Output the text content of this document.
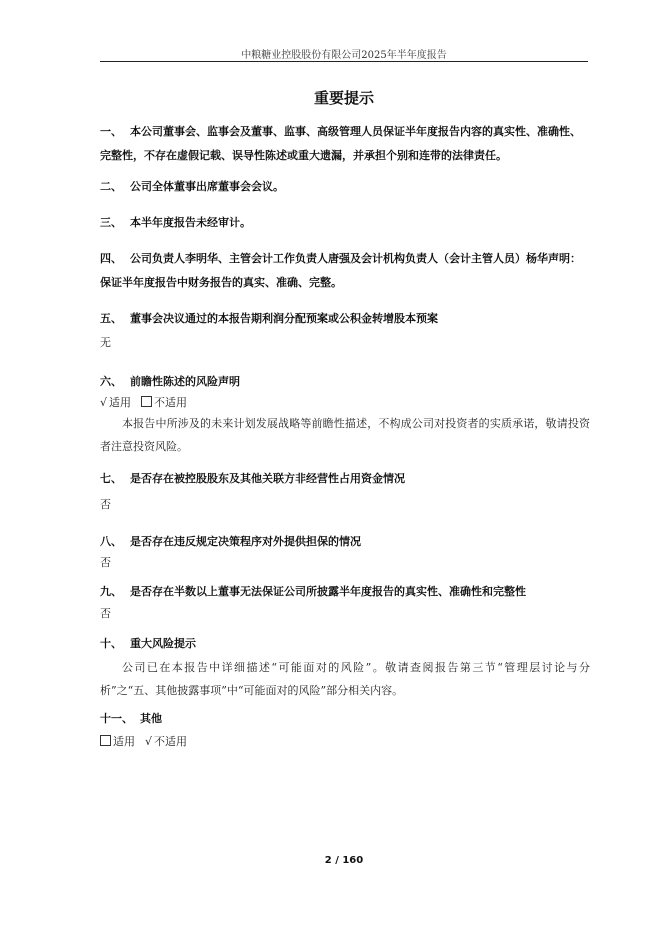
中粮糖业控股股份有限公司2025年半年度报告
重要提示
一、 本公司董事会、监事会及董事、监事、高级管理人员保证半年度报告内容的真实性、准确性、完整性，不存在虚假记载、误导性陈述或重大遗漏，并承担个别和连带的法律责任。
二、 公司全体董事出席董事会会议。
三、 本半年度报告未经审计。
四、 公司负责人李明华、主管会计工作负责人唐强及会计机构负责人（会计主管人员）杨华声明：保证半年度报告中财务报告的真实、准确、完整。
五、 董事会决议通过的本报告期利润分配预案或公积金转增股本预案
无
六、 前瞻性陈述的风险声明
√ 适用 不适用
本报告中所涉及的未来计划发展战略等前瞻性描述，不构成公司对投资者的实质承诺，敬请投资者注意投资风险。
七、 是否存在被控股股东及其他关联方非经营性占用资金情况
否
八、 是否存在违反规定决策程序对外提供担保的情况
否
九、 是否存在半数以上董事无法保证公司所披露半年度报告的真实性、准确性和完整性
否
十、 重大风险提示
公司已在本报告中详细描述“可能面对的风险”。敬请查阅报告第三节“管理层讨论与分析”之“五、其他披露事项”中“可能面对的风险”部分相关内容。
十一、 其他
适用 √ 不适用
2 / 160
